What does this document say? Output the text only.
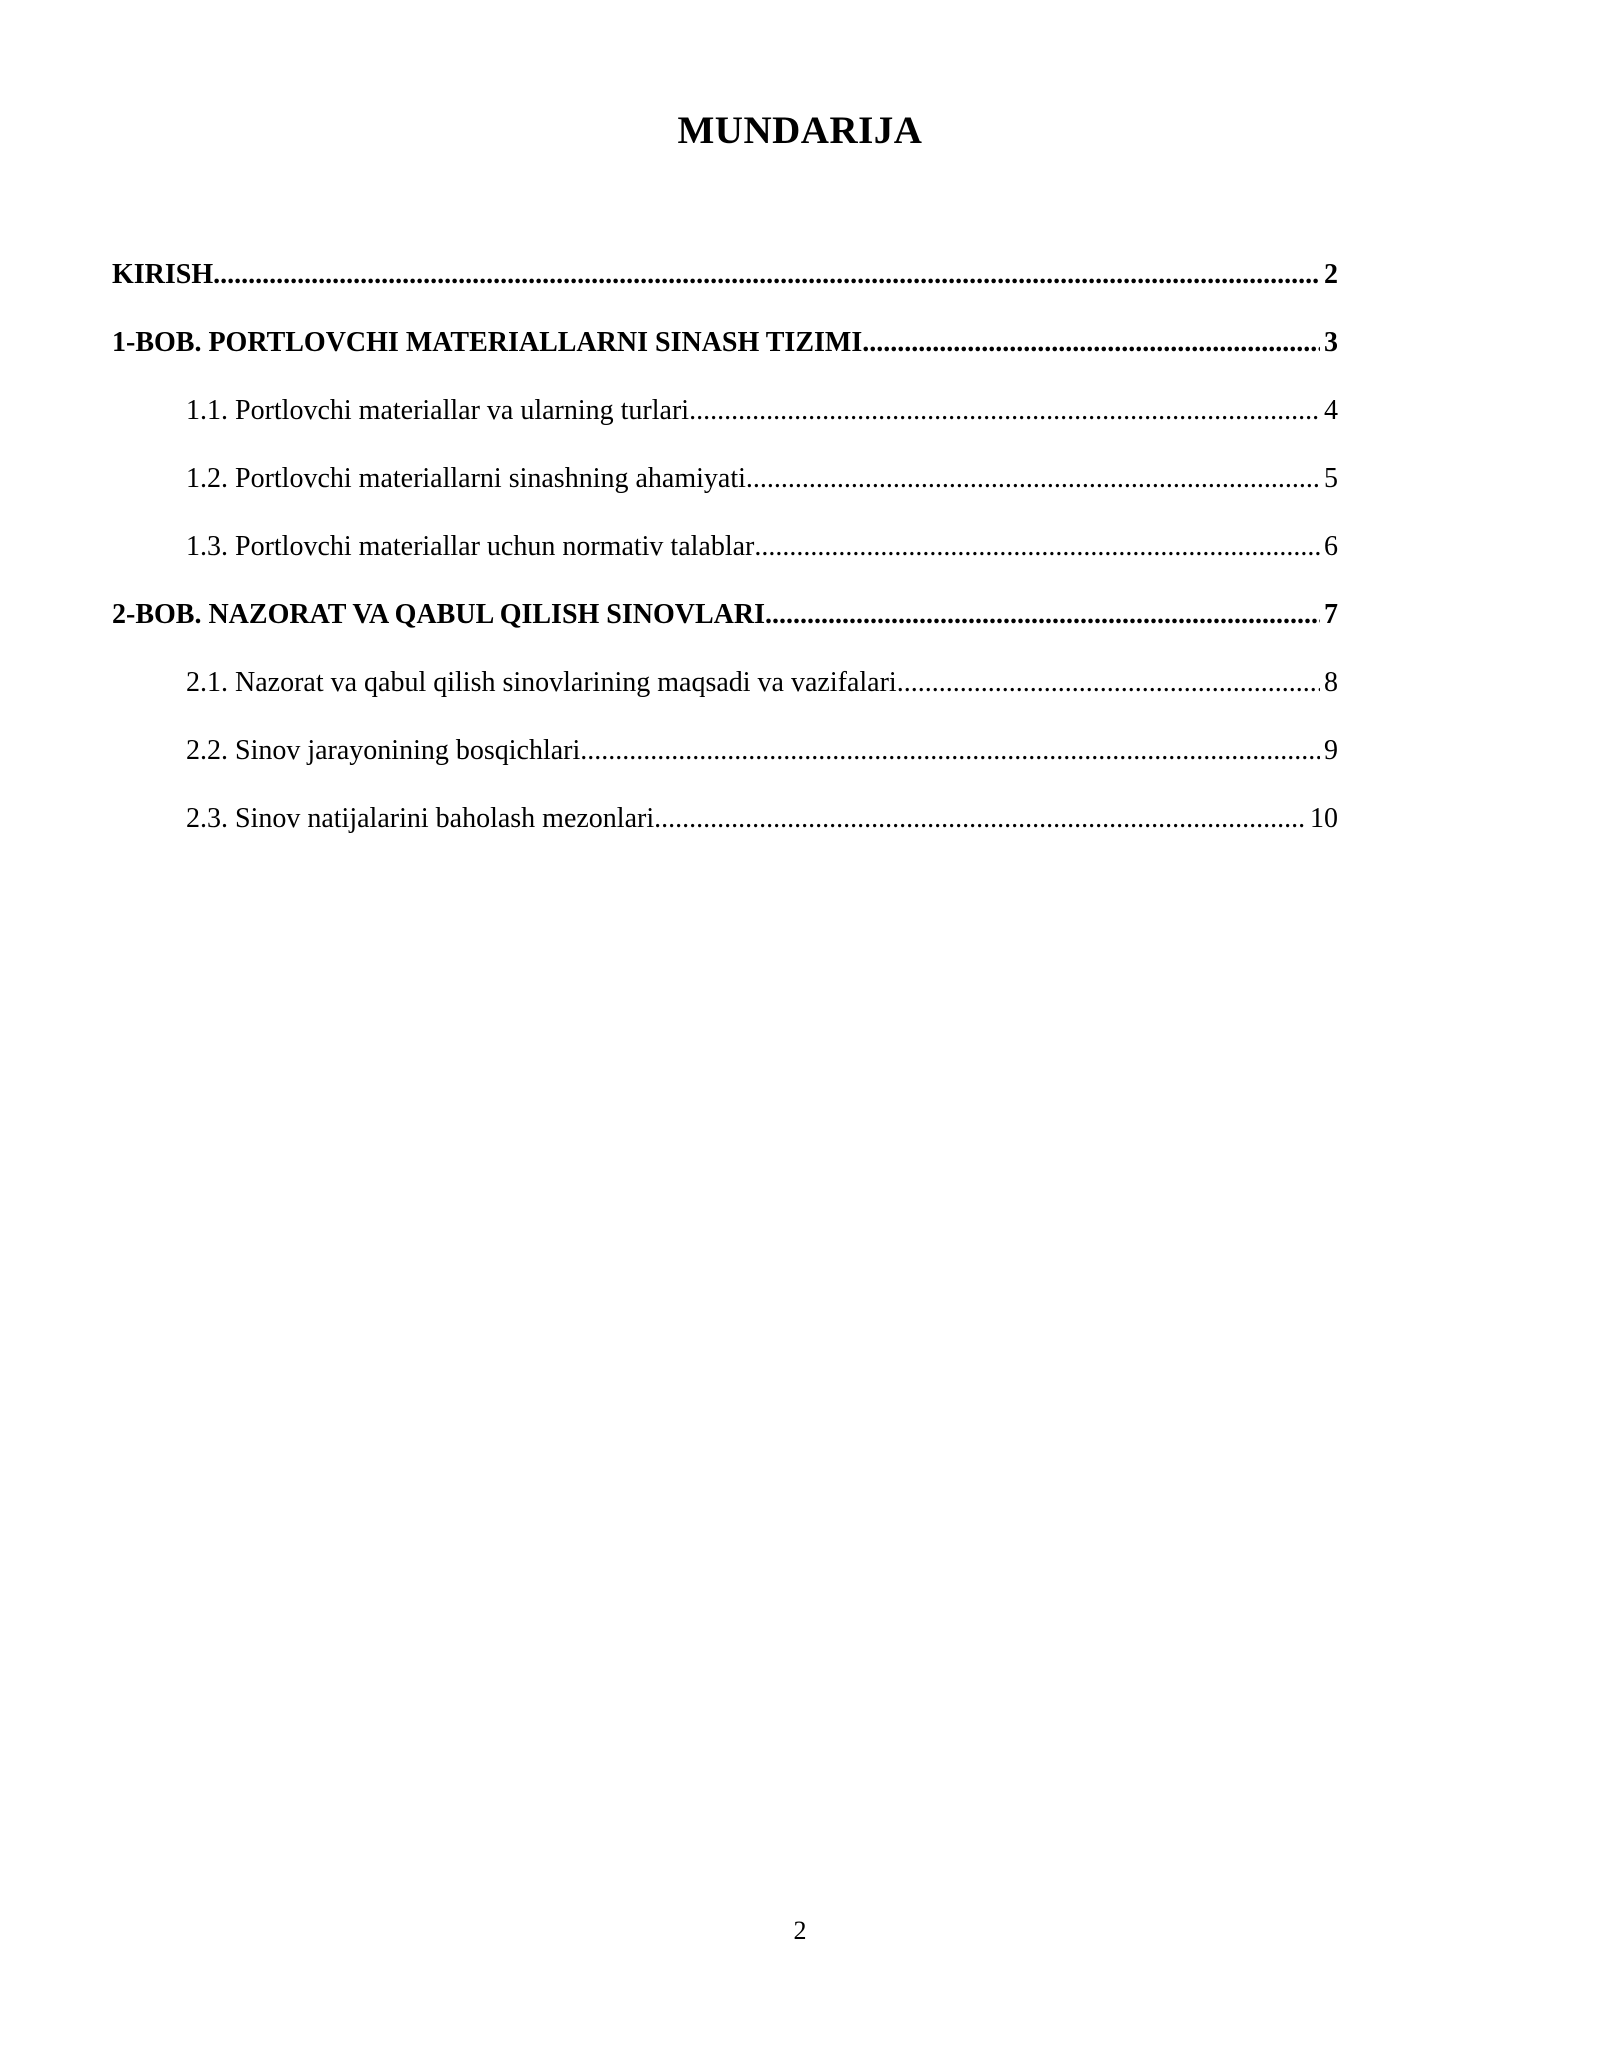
MUNDARIJA
KIRISH .....	2
1-BOB. PORTLOVCHI MATERIALLARNI SINASH TIZIMI .....	3
1.1. Portlovchi materiallar va ularning turlari .....	4
1.2. Portlovchi materiallarni sinashning ahamiyati .....	5
1.3. Portlovchi materiallar uchun normativ talablar .....	6
2-BOB. NAZORAT VA QABUL QILISH SINOVLARI .....	7
2.1. Nazorat va qabul qilish sinovlarining maqsadi va vazifalari .....	8
2.2. Sinov jarayonining bosqichlari .....	9
2.3. Sinov natijalarini baholash mezonlari .....	10
2
